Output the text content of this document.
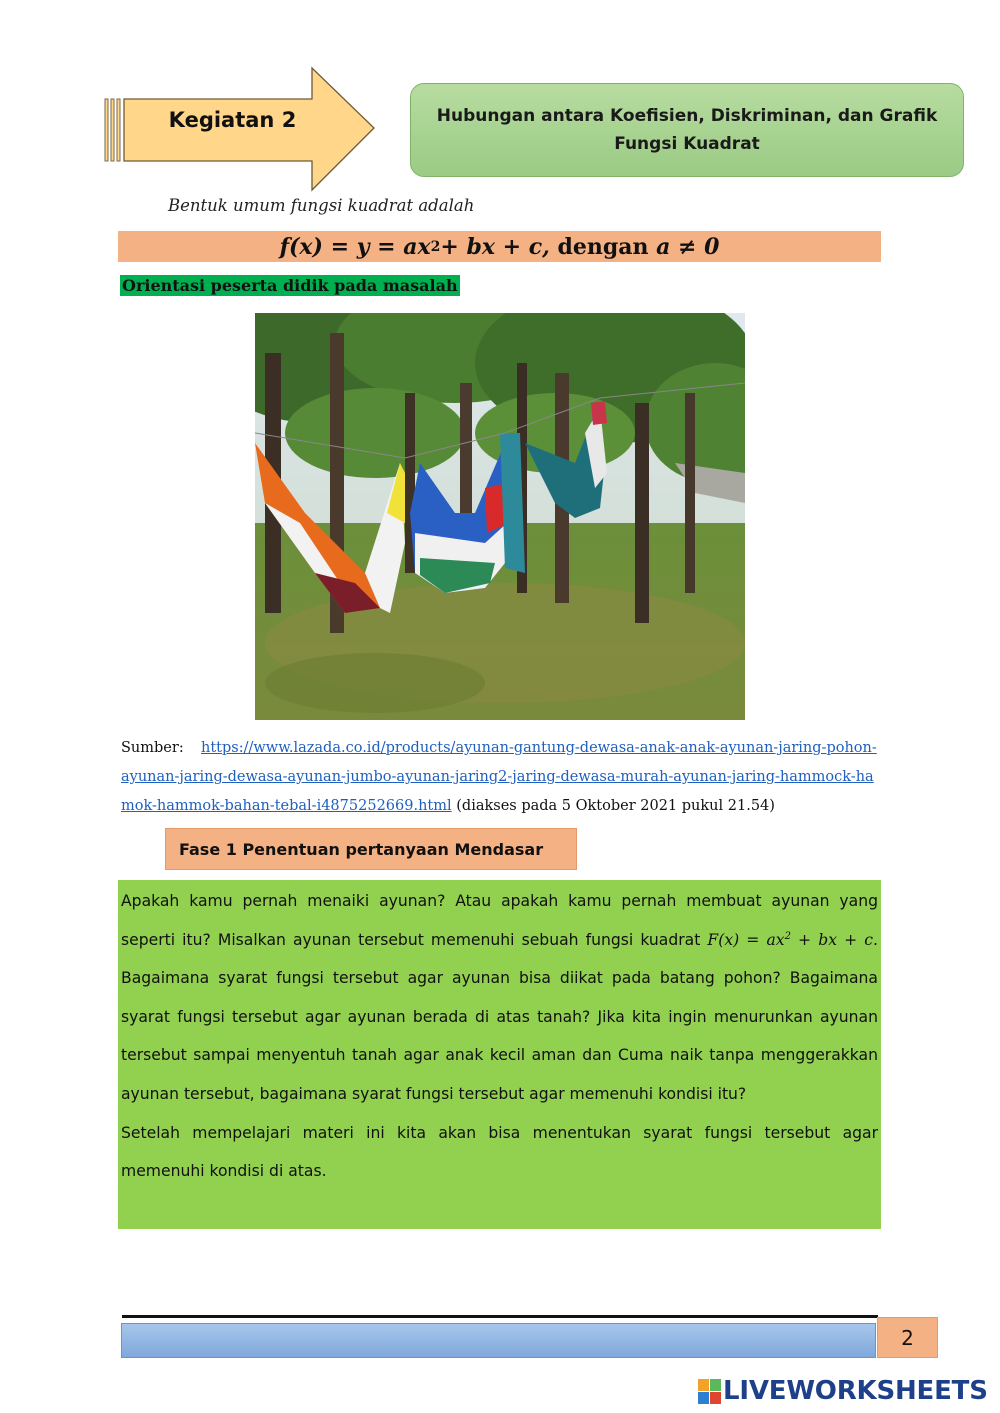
Kegiatan 2	Hubungan antara Koefisien, Diskriminan, dan Grafik
Fungsi Kuadrat
Bentuk umum fungsi kuadrat adalah
f(x) = y = ax 2 + bx + c, dengan a ≠ 0
Orientasi peserta didik pada masalah
Sumber: https://www.lazada.co.id/products/ayunan-gantung-dewasa-anak-anak-ayunan-jaring-pohon-ayunan-jaring-dewasa-ayunan-jumbo-ayunan-jaring2-jaring-dewasa-murah-ayunan-jaring-hammock-hamok-hammok-bahan-tebal-i4875252669.html (diakses pada 5 Oktober 2021 pukul 21.54)
Fase 1 Penentuan pertanyaan Mendasar

Apakah kamu pernah menaiki ayunan? Atau apakah kamu pernah membuat ayunan yang seperti itu? Misalkan ayunan tersebut memenuhi sebuah fungsi kuadrat $F(x) = ax^2$ + bx + c. Bagaimana syarat fungsi tersebut agar ayunan bisa diikat pada batang pohon? Bagaimana syarat fungsi tersebut agar ayunan berada di atas tanah? Jika kita ingin menurunkan ayunan tersebut sampai menyentuh tanah agar anak kecil aman dan Cuma naik tanpa menggerakkan ayunan tersebut, bagaimana syarat fungsi tersebut agar memenuhi kondisi itu?

Setelah mempelajari materi ini kita akan bisa menentukan syarat fungsi tersebut agar memenuhi kondisi di atas.

2
LIVEWORKSHEETS
